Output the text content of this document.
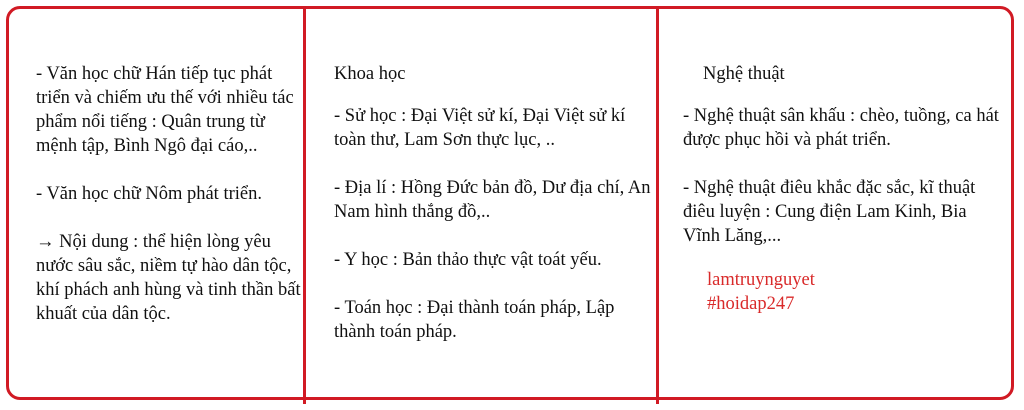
- Văn học chữ Hán tiếp tục phát triển và chiếm ưu thế với nhiều tác phẩm nổi tiếng : Quân trung từ mệnh tập, Bình Ngô đại cáo,..

- Văn học chữ Nôm phát triển.

→ Nội dung : thể hiện lòng yêu nước sâu sắc, niềm tự hào dân tộc, khí phách anh hùng và tinh thần bất khuất của dân tộc.

Khoa học

- Sử học : Đại Việt sử kí, Đại Việt sử kí toàn thư, Lam Sơn thực lục, ..

- Địa lí : Hồng Đức bản đồ, Dư địa chí, An Nam hình thắng đồ,..

- Y học : Bản thảo thực vật toát yếu.

- Toán học : Đại thành toán pháp, Lập thành toán pháp.

Nghệ thuật

- Nghệ thuật sân khấu : chèo, tuồng, ca hát được phục hồi và phát triển.

- Nghệ thuật điêu khắc đặc sắc, kĩ thuật điêu luyện : Cung điện Lam Kinh, Bia Vĩnh Lăng,...

lamtruynguyet
#hoidap247
